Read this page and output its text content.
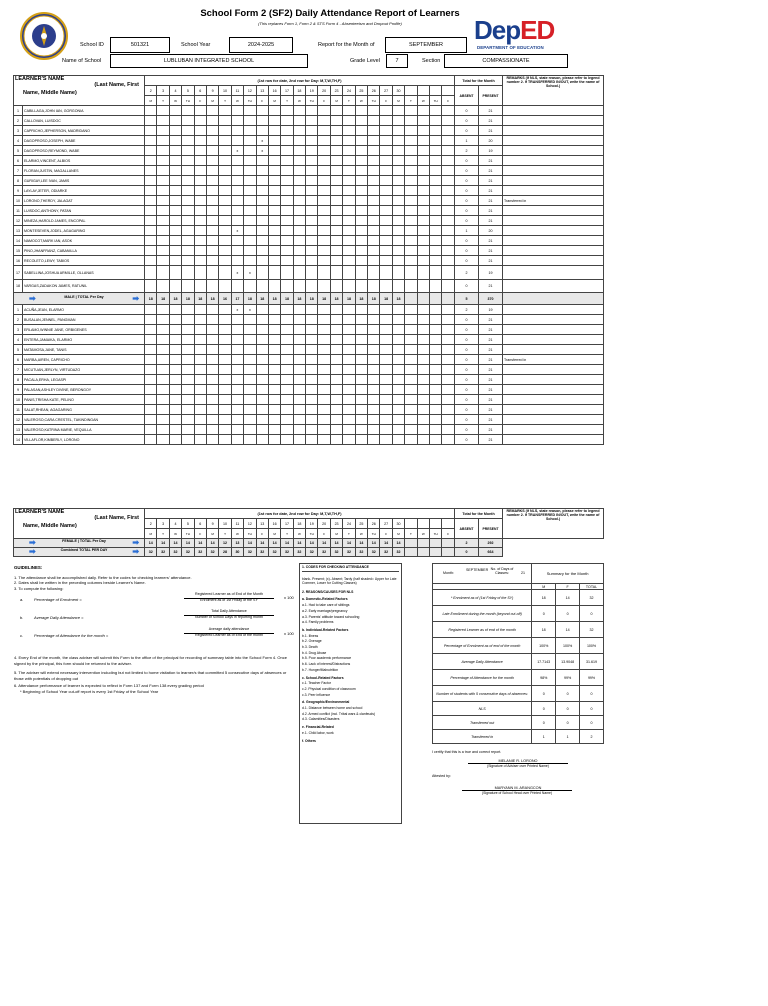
School Form 2 (SF2) Daily Attendance Report of Learners
(This replaces Form 1, Form 2 & STS Form 4 - Absenteeism and Dropout Profile)	DepED
DEPARTMENT OF EDUCATION
School ID	501321	School Year	2024-2025	Report for the Month of	SEPTEMBER
Name of School	LUBLUBAN INTEGRATED SCHOOL	Grade Level	7	Section	COMPASSIONATE
LEARNER'S NAME
(Last Name, First
Name, Middle Name)		(1st row for date, 2nd row for Day: M,T,W,TH,F)																									Total for the Month		REMARKS (If NLS, state reason, please refer to legend number 2. If TRANSFERRED IN/OUT, write the name of School.)
		2	3	4	5	6	9	10	11	12	13	16	17	18	19	20	23	24	25	26	27	30					ABSENT	PRESENT	
		M	T	W	TH	F	M	T	W	TH	F	M	T	W	TH	F	M	T	W	TH	F	M	T	W	TH	F			
1	CABILLAGA,JOHN IAN, GORGONIA																										0	21	
2	CALLOVAN, LUISDOC																										0	21	
3	CAPRICHO,JEPHERSON, MADRIDANO																										0	21	
4	DAGOPROSO,JOSEPH, WABE										x																1	20	
5	DAGOPROSO,REYMOND, WABE								x		x																2	19	
6	ELARMO,VINCENT, ALBIOS																										0	21	
7	FLORAN,JUSTIN, MAGALLANES																										0	21	
8	GURIGAY,LEE IVAN, JAMIS																										0	21	
9	LAYLAY,JETER, ODIARKE																										0	21	
10	LORONO,THERDY, JALAGAT																										0	21	Transferred in
11	LUISDOC,ANTHONY, PATAN																										0	21	
12	MINEZA,HAROLD JAMES, ENCOPAL																										0	21	
13	MONTESEVEN,JODEL, AGAGARING								x																		1	20	
14	NAMOCOT,MARK IAN, ASOK																										0	21	
15	PINO,JHANFRANZ, CABANILLA																										0	21	
16	RECOLETO,LEWY, TABIOS																										0	21	
17	SABELLINA,JOSHUA ARMILLE, OLLANAS								x	x																	2	19	
18	VARGAS,ZADAKON JAMES, RATUNIL																										0	21	

➡ MALE | TOTAL Per Day ➡		18	18	18	18	18	18	16	17	18	18	18	18	18	18	18	18	18	18	18	18	18					5	370	
1	ACUÑA,JEAN, ELARMO								x	x																	2	19	
2	BUSALAN,JENNEL, PANGMAN																										0	21	
3	ERLAMO,WINNIE JANE, ORBIGENES																										0	21	
4	ENTERA,JAMAIKA, ELARMO																										0	21	
5	MATAMOSA,JANE, TANIS																										0	21	
6	MARBA,AIREN, CAPRICHO																										0	21	Transferred in
7	MICUTUAN,JERLYN, VIRTUDAZO																										0	21	
8	PACALA,ERHA, LEGASPI																										0	21	
9	PALASAN,ASHLEY DIVINE, BERONGOY																										0	21	
10	PANIS,TRISHA KATE, PELINO																										0	21	
11	SALAT,RHEAN, AGAGARING																										0	21	
12	VALEROSO,CARA CRESTEL, TAKINDINGAN																										0	21	
13	VALEROSO,KATRINA MARIE, VEQUILLA																										0	21	
14	VILLAFLOR,KIMBERLY, LORONO																										0	21	
LEARNER'S NAME
(Last Name, First
Name, Middle Name)	(1st row for date, 2nd row for Day: M,T,W,TH,F)																									Total for the Month		REMARKS (If NLS, state reason, please refer to legend number 2. If TRANSFERRED IN/OUT, write the name of School.)
	2	3	4	5	6	9	10	11	12	13	16	17	18	19	20	23	24	25	26	27	30					ABSENT	PRESENT	
	M	T	W	TH	F	M	T	W	TH	F	M	T	W	TH	F	M	T	W	TH	F	M	T	W	TH	F			

➡ FEMALE | TOTAL Per Day ➡	14	14	14	14	14	14	12	13	14	14	14	14	14	14	14	14	14	14	14	14	14					2	292	

➡ Combined TOTAL PER DAY ➡	32	32	32	32	32	32	28	30	32	32	32	32	32	32	32	32	32	32	32	32	32					0	664	
GUIDELINES:
1. The attendance shall be accomplished daily. Refer to the codes for checking learners' attendance.
2. Dates shall be written in the preceding columns beside Learner's Name.
3. To compute the following:
a.	Percentage of Enrolment =
Registered Learner as of End of the Month
Enrolment as of 1st Friday of the SY	x 100
b.	Average Daily Attendance =
Total Daily Attendance
Number of School Days in reporting month
c.	Percentage of Attendance for the month =
Average daily attendance
Registered Learner as of End of the month	x 100
4. Every End of the month, the class adviser will submit this Form to the office of the principal for recording of summary table into the School Form 4. Once signed by the principal, this form should be returned to the adviser.
5. The adviser will extend necessary intervention including but not limited to home visitation to learner/s that committed 5 consecutive days of absences or those with potentials of dropping out
6. Attendance performance of learner is expected to reflect in Form 137 and Form 138 every grading period
* Beginning of School Year cut-off report is every 1st Friday of the School Year
1. CODES FOR CHECKING ATTENDANCE
blank- Present; (x)- Absent; Tardy (half shaded= Upper for Late Commer, Lower for Cutting Classes)
2. REASONS/CAUSES FOR NLS
a. Domestic-Related Factors
a.1. Had to take care of siblings
a.2. Early marriage/pregnancy
a.3. Parents' attitude toward schooling
a.4. Family problems
b. Individual-Related Factors
b.1. Illness
b.2. Overage
b.3. Death
b.4. Drug Abuse
b.5. Poor academic performance
b.6. Lack of interest/Distractions
b.7. Hunger/Malnutrition
c. School-Related Factors
c.1. Teacher Factor
c.2. Physical condition of classroom
c.3. Peer influence
d. Geographic/Environmental
d.1. Distance between home and school
d.2. Armed conflict (incl. Tribal wars & clanfeuds)
d.3. Calamities/Disasters
e. Financial-Related
e.1. Child labor, work
f. Others
Month:
SEPTEMBER No. of Days of Classes: 21	Summary for the Month		
	M	F	TOTAL
* Enrolment as of (1st Friday of the SY)	18	14	32
Late Enrollment during the month (beyond cut-off)	0	0	0
Registered Learner as of end of the month	18	14	32
Percentage of Enrolment as of end of the month	100%	100%	100%
Average Daily Attendance	17.7143	13.9048	31.619
Percentage of Attendance for the month	98%	99%	99%
Number of students with 5 consecutive days of absences:	0	0	0
NLS	0	0	0
Transferred out	0	0	0
Transferred in	1	1	2
I certify that this is a true and correct report.
MELANIE R. LORONO
(Signature of Adviser over Printed Name)
Attested by:
MARYANN M. ARANGCON
(Signature of School Head over Printed Name)
